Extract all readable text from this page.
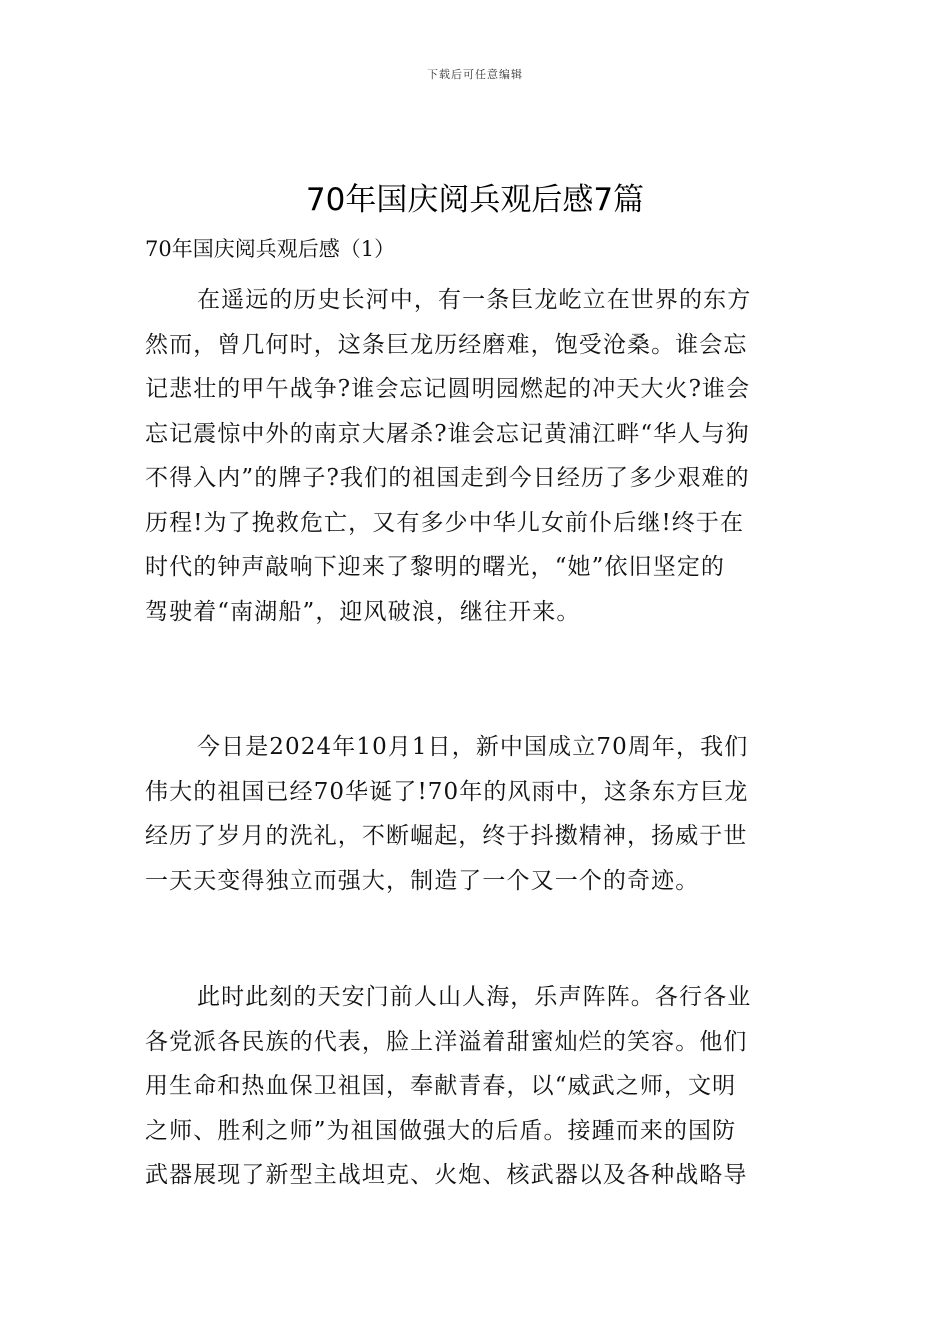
下载后可任意编辑
70年国庆阅兵观后感7篇
70年国庆阅兵观后感（1）
在遥远的历史长河中，有一条巨龙屹立在世界的东方
然而，曾几何时，这条巨龙历经磨难，饱受沧桑。谁会忘
记悲壮的甲午战争?谁会忘记圆明园燃起的冲天大火?谁会
忘记震惊中外的南京大屠杀?谁会忘记黄浦江畔“华人与狗
不得入内”的牌子?我们的祖国走到今日经历了多少艰难的
历程!为了挽救危亡，又有多少中华儿女前仆后继!终于在
时代的钟声敲响下迎来了黎明的曙光，“她”依旧坚定的
驾驶着“南湖船”，迎风破浪，继往开来。
今日是2024年10月1日，新中国成立70周年，我们
伟大的祖国已经70华诞了!70年的风雨中，这条东方巨龙
经历了岁月的洗礼，不断崛起，终于抖擞精神，扬威于世
一天天变得独立而强大，制造了一个又一个的奇迹。
此时此刻的天安门前人山人海，乐声阵阵。各行各业
各党派各民族的代表，脸上洋溢着甜蜜灿烂的笑容。他们
用生命和热血保卫祖国，奉献青春，以“威武之师，文明
之师、胜利之师”为祖国做强大的后盾。接踵而来的国防
武器展现了新型主战坦克、火炮、核武器以及各种战略导
